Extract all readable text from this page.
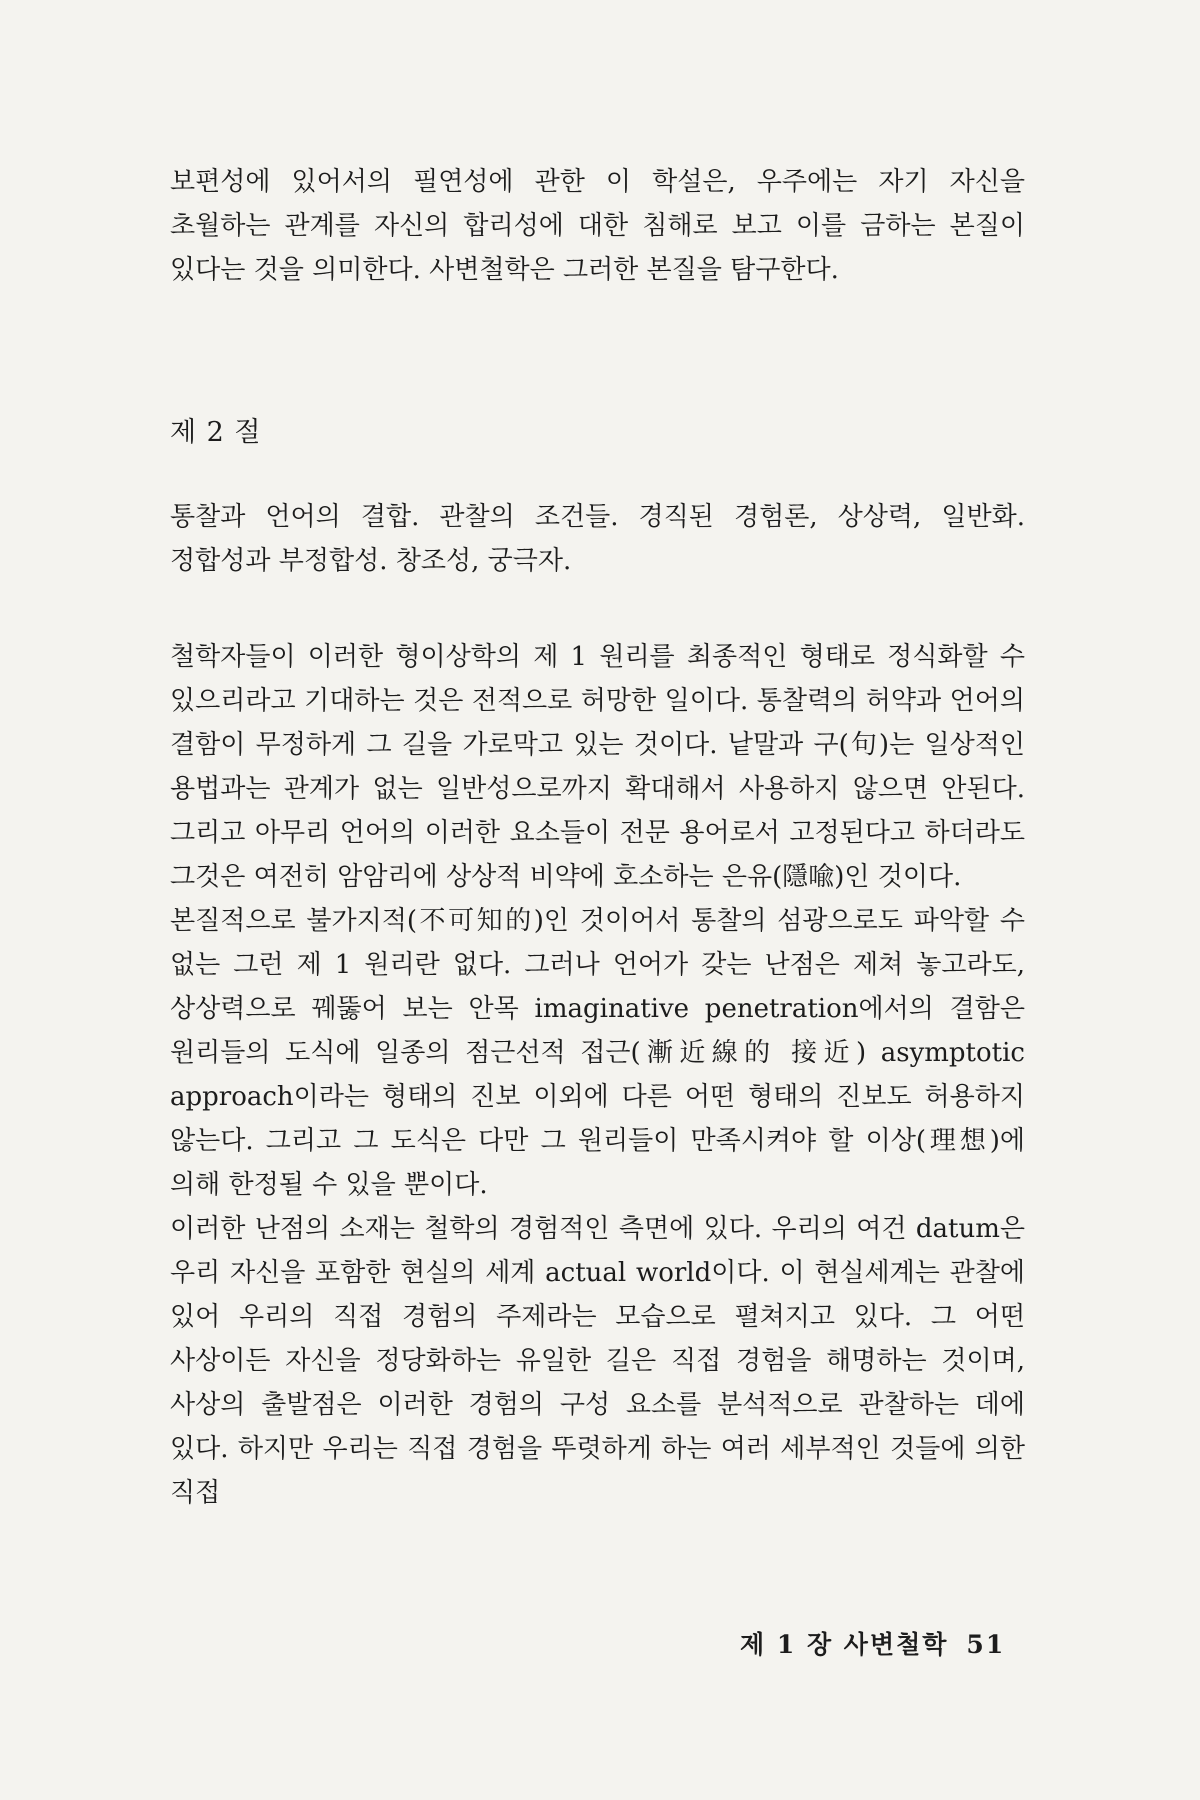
보편성에 있어서의 필연성에 관한 이 학설은, 우주에는 자기 자신을 초월하는 관계를 자신의 합리성에 대한 침해로 보고 이를 금하는 본질이 있다는 것을 의미한다. 사변철학은 그러한 본질을 탐구한다.

제 2 절

통찰과 언어의 결합. 관찰의 조건들. 경직된 경험론, 상상력, 일반화. 정합성과 부정합성. 창조성, 궁극자.

철학자들이 이러한 형이상학의 제 1 원리를 최종적인 형태로 정식화할 수 있으리라고 기대하는 것은 전적으로 허망한 일이다. 통찰력의 허약과 언어의 결함이 무정하게 그 길을 가로막고 있는 것이다. 낱말과 구(句)는 일상적인 용법과는 관계가 없는 일반성으로까지 확대해서 사용하지 않으면 안된다. 그리고 아무리 언어의 이러한 요소들이 전문 용어로서 고정된다고 하더라도 그것은 여전히 암암리에 상상적 비약에 호소하는 은유(隱喩)인 것이다.

본질적으로 불가지적(不可知的)인 것이어서 통찰의 섬광으로도 파악할 수 없는 그런 제 1 원리란 없다. 그러나 언어가 갖는 난점은 제쳐 놓고라도, 상상력으로 꿰뚫어 보는 안목 imaginative penetration에서의 결함은 원리들의 도식에 일종의 점근선적 접근(漸近線的 接近) asymptotic approach이라는 형태의 진보 이외에 다른 어떤 형태의 진보도 허용하지 않는다. 그리고 그 도식은 다만 그 원리들이 만족시켜야 할 이상(理想)에 의해 한정될 수 있을 뿐이다.

이러한 난점의 소재는 철학의 경험적인 측면에 있다. 우리의 여건 datum은 우리 자신을 포함한 현실의 세계 actual world이다. 이 현실세계는 관찰에 있어 우리의 직접 경험의 주제라는 모습으로 펼쳐지고 있다. 그 어떤 사상이든 자신을 정당화하는 유일한 길은 직접 경험을 해명하는 것이며, 사상의 출발점은 이러한 경험의 구성 요소를 분석적으로 관찰하는 데에 있다. 하지만 우리는 직접 경험을 뚜렷하게 하는 여러 세부적인 것들에 의한 직접

제 1 장 사변철학 51
